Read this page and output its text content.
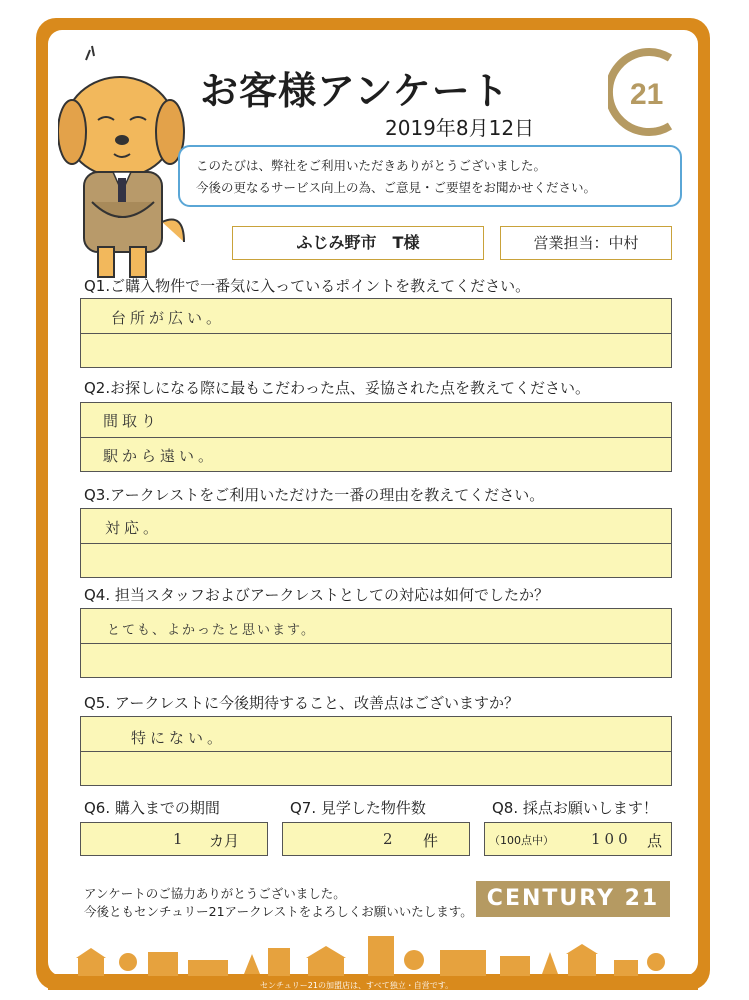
お客様アンケート
2019年8月12日
21

このたびは、弊社をご利用いただきありがとうございました。

今後の更なるサービス向上の為、ご意見・ご要望をお聞かせください。

ふじみ野市　T様	営業担当：中村
Q1.ご購入物件で一番気に入っているポイントを教えてください。
台所が広い。
Q2.お探しになる際に最もこだわった点、妥協された点を教えてください。
間取り
駅から遠い。
Q3.アークレストをご利用いただけた一番の理由を教えてください。
対応。
Q4. 担当スタッフおよびアークレストとしての対応は如何でしたか？
とても、よかったと思います。
Q5. アークレストに今後期待すること、改善点はございますか？
特にない。
Q6. 購入までの期間	Q7. 見学した物件数	Q8. 採点お願いします！
1 カ月	2 件	（100点中） 100 点
アンケートのご協力ありがとうございました。
今後ともセンチュリー21アークレストをよろしくお願いいたします。
CENTURY 21
センチュリー21の加盟店は、すべて独立・自営です。
